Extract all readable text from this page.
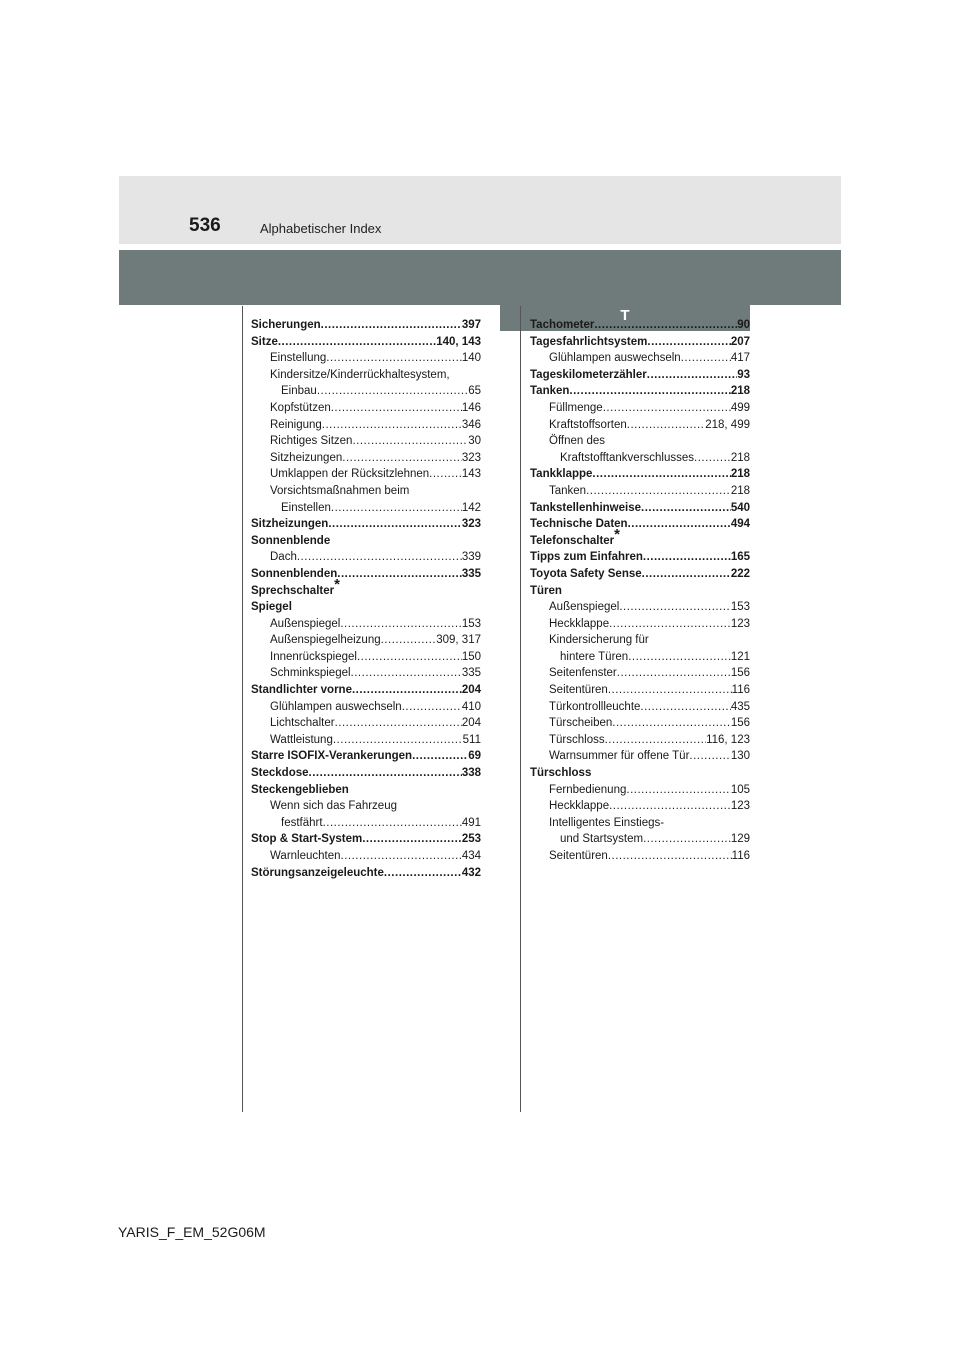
536	Alphabetischer Index
T
Sicherungen .....	397
Sitze .....	140, 143
Einstellung .....	140
Kindersitze/Kinderrückhaltesystem,
Einbau .....	65
Kopfstützen .....	146
Reinigung .....	346
Richtiges Sitzen .....	30
Sitzheizungen .....	323
Umklappen der Rücksitzlehnen .....	143
Vorsichtsmaßnahmen beim
Einstellen .....	142
Sitzheizungen .....	323
Sonnenblende
Dach .....	339
Sonnenblenden .....	335
Sprechschalter*
Spiegel
Außenspiegel .....	153
Außenspiegelheizung .....	309, 317
Innenrückspiegel .....	150
Schminkspiegel .....	335
Standlichter vorne .....	204
Glühlampen auswechseln .....	410
Lichtschalter .....	204
Wattleistung .....	511
Starre ISOFIX-Verankerungen .....	69
Steckdose .....	338
Steckengeblieben
Wenn sich das Fahrzeug
festfährt .....	491
Stop & Start-System .....	253
Warnleuchten .....	434
Störungsanzeigeleuchte .....	432
Tachometer .....	90
Tagesfahrlichtsystem .....	207
Glühlampen auswechseln .....	417
Tageskilometerzähler .....	93
Tanken .....	218
Füllmenge .....	499
Kraftstoffsorten .....	218, 499
Öffnen des
Kraftstofftankverschlusses .....	218
Tankklappe .....	218
Tanken .....	218
Tankstellenhinweise .....	540
Technische Daten .....	494
Telefonschalter*
Tipps zum Einfahren .....	165
Toyota Safety Sense .....	222
Türen
Außenspiegel .....	153
Heckklappe .....	123
Kindersicherung für
hintere Türen .....	121
Seitenfenster .....	156
Seitentüren .....	116
Türkontrollleuchte .....	435
Türscheiben .....	156
Türschloss .....	116, 123
Warnsummer für offene Tür .....	130
Türschloss
Fernbedienung .....	105
Heckklappe .....	123
Intelligentes Einstiegs-
und Startsystem .....	129
Seitentüren .....	116
YARIS_F_EM_52G06M
